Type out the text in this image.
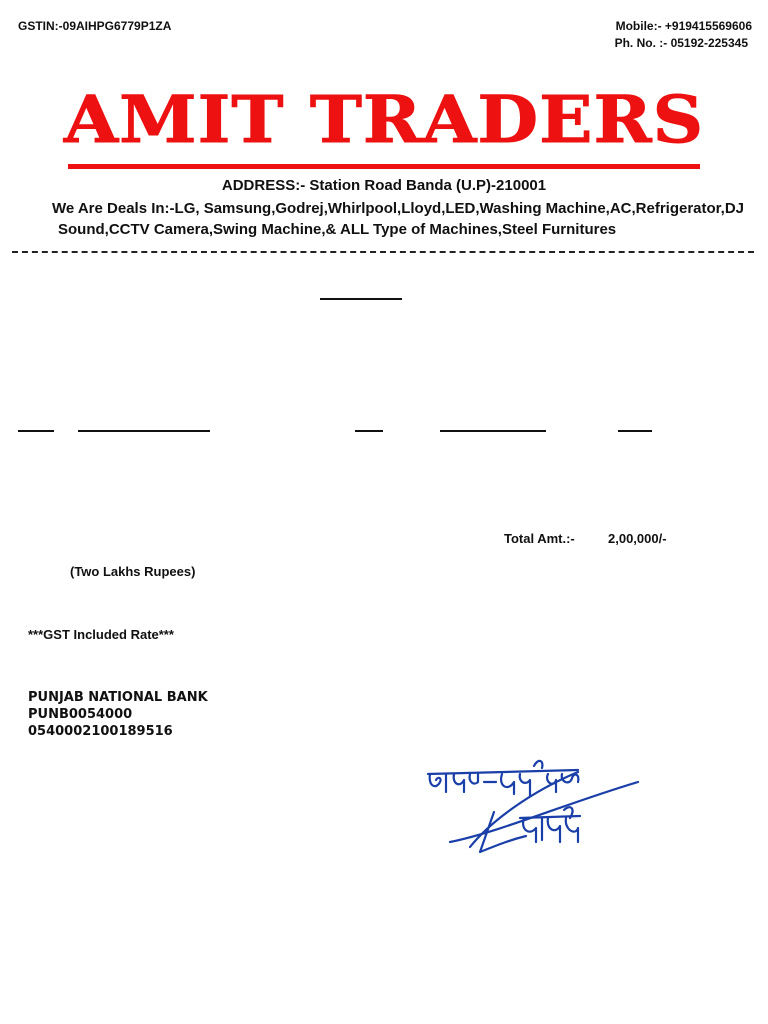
GSTIN:-09AIHPG6779P1ZA	Mobile:- +919415569606
Ph. No. :- 05192-225345
AMIT TRADERS
ADDRESS:- Station Road Banda (U.P)-210001
We Are Deals In:-LG, Samsung,Godrej,Whirlpool,Lloyd,LED,Washing Machine,AC,Refrigerator,DJ
Sound,CCTV Camera,Swing Machine,& ALL Type of Machines,Steel Furnitures
Total Amt.:-	2,00,000/-
(Two Lakhs Rupees)
***GST Included Rate***
PUNJAB NATIONAL BANK
PUNB0054000
0540002100189516
